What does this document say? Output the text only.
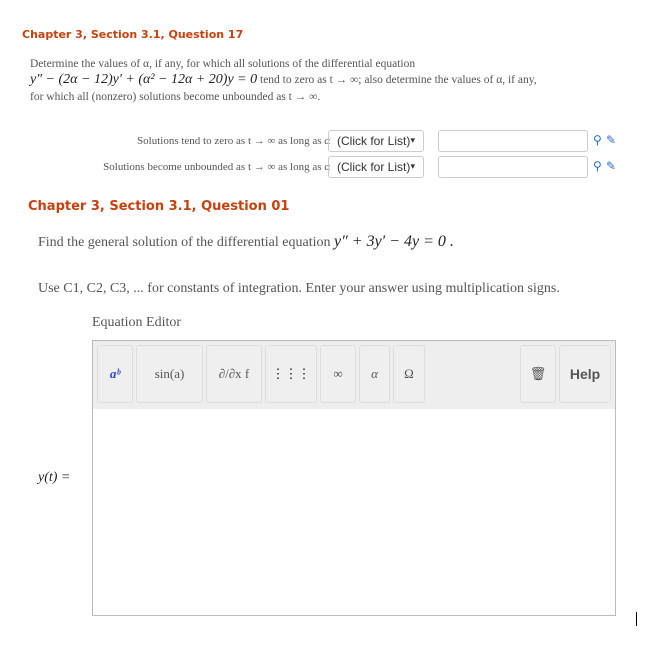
Chapter 3, Section 3.1, Question 17
Determine the values of α, if any, for which all solutions of the differential equation
y″ − (2α − 12)y′ + (α² − 12α + 20)y = 0 tend to zero as t → ∞; also determine the values of α, if any,
for which all (nonzero) solutions become unbounded as t → ∞.
Solutions tend to zero as t → ∞ as long as α (Click for List) ▾	⚲ ✎
Solutions become unbounded as t → ∞ as long as α (Click for List) ▾	⚲ ✎
Chapter 3, Section 3.1, Question 01
Find the general solution of the differential equation y″ + 3y′ − 4y = 0 .
Use C1, C2, C3, ... for constants of integration. Enter your answer using multiplication signs.
Equation Editor
aᵇ	sin(a)	∂/∂x f	⋮⋮⋮	∞	α	Ω	🗑	Help
y(t) =
